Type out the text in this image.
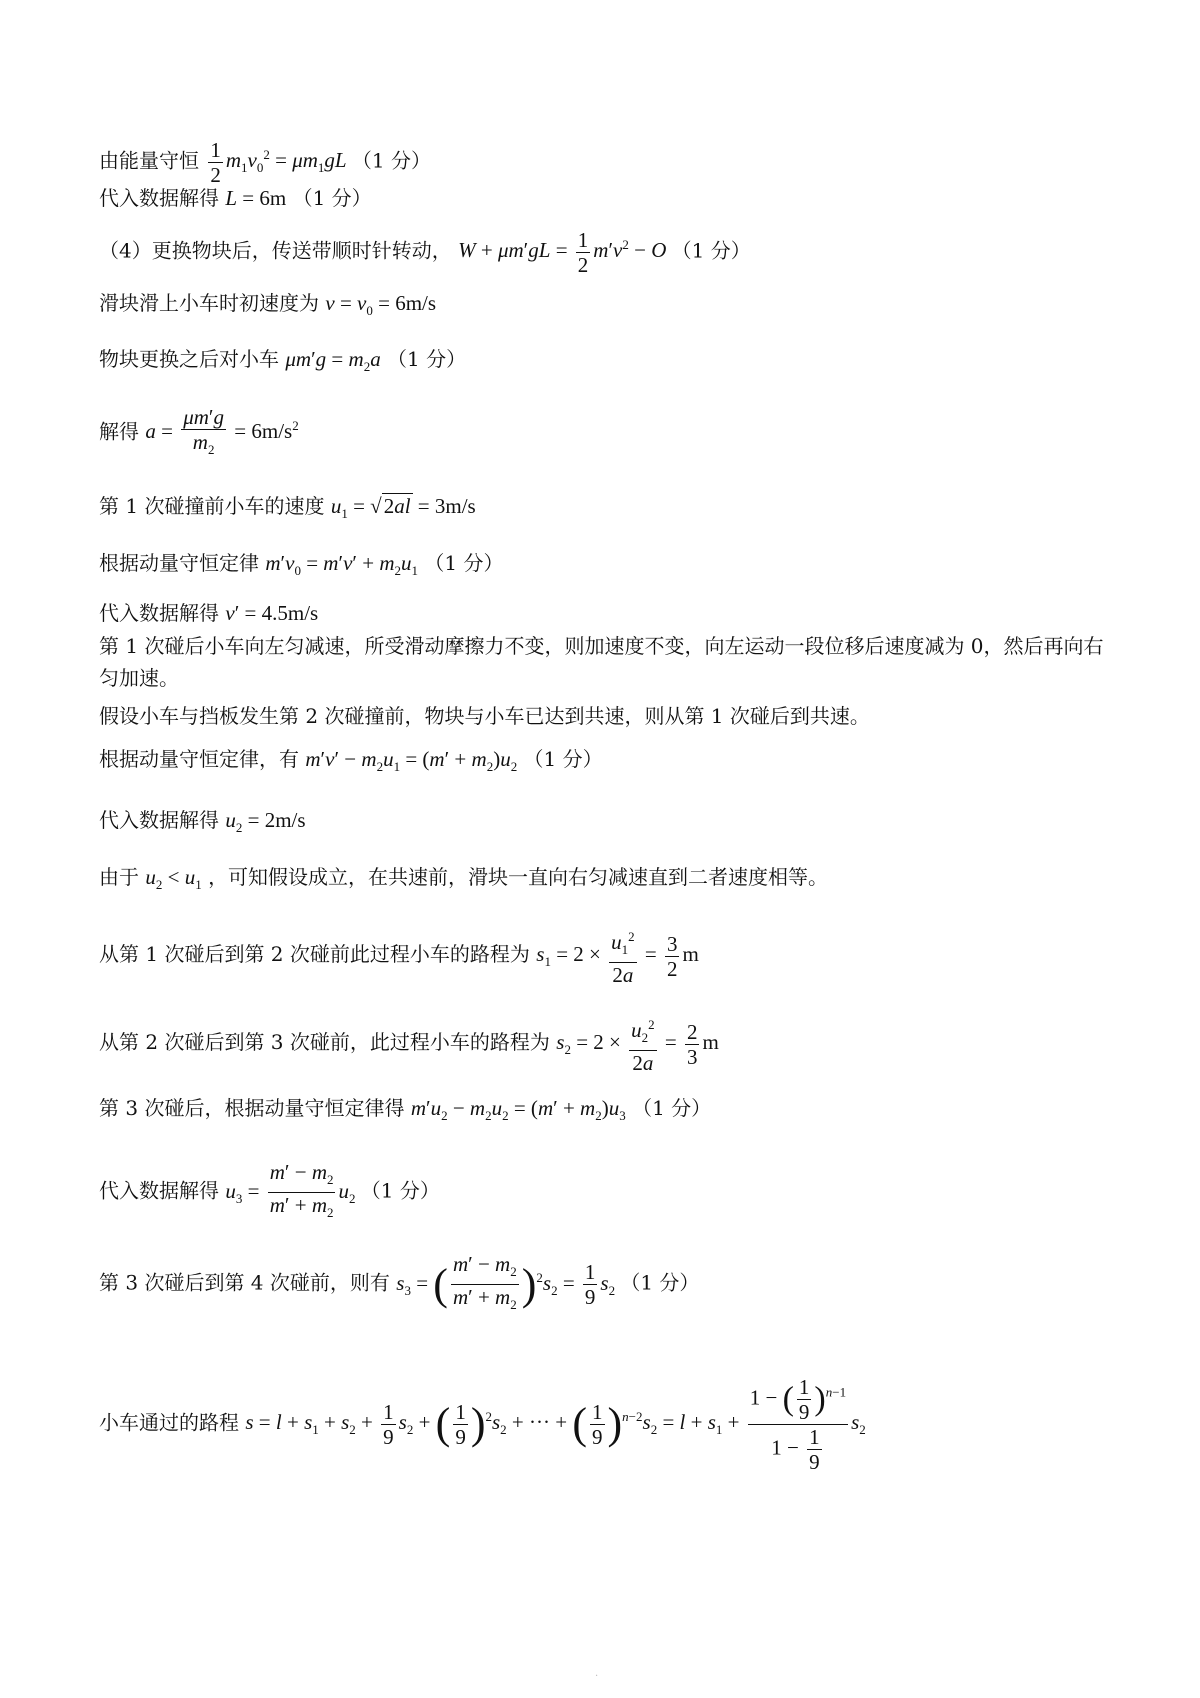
由能量守恒 $\frac{1}{2} m_1v_0^2 = \mu m_1gL$ （1 分）
代入数据解得 L = 6m （1 分）
（4）更换物块后，传送带顺时针转动， $W + \mu m'gL = \frac{1}{2} m'v^2 - O$ （1 分）
滑块滑上小车时初速度为 $v = v_0 = 6m/s$
物块更换之后对小车 $\mu m'g = m_2a$ （1 分）
解得 $a = \frac{\mu m'g}{m_2} = 6m/s^2$
第 1 次碰撞前小车的速度 $u_1 = √2al = 3m/s$
根据动量守恒定律 $m'v_0 = m'v' + m_2u_1$ （1 分）
代入数据解得 v′ = 4.5m/s
第 1 次碰后小车向左匀减速，所受滑动摩擦力不变，则加速度不变，向左运动一段位移后速度减为 0，然后再向右匀加速。
假设小车与挡板发生第 2 次碰撞前，物块与小车已达到共速，则从第 1 次碰后到共速。
根据动量守恒定律，有 $m'v' - m_2u_1 = (m' + m_2)u_2$ （1 分）
代入数据解得 $u_2 = 2m/s$
由于 $u_2 < u_1$ ，可知假设成立，在共速前，滑块一直向右匀减速直到二者速度相等。
从第 1 次碰后到第 2 次碰前此过程小车的路程为 $s_1 = 2 \times \frac{u_1^2}{2a} = \frac{3}{2}$ m
从第 2 次碰后到第 3 次碰前，此过程小车的路程为 $s_2 = 2 \times \frac{u_2^2}{2a} = \frac{2}{3}$ m
第 3 次碰后，根据动量守恒定律得 $m'u_2 - m_2u_2 = (m' + m_2)u_3$ （1 分）
代入数据解得 $u_3 = \frac{m' - m_2}{m' + m_2} u_2$ （1 分）
第 3 次碰后到第 4 次碰前，则有 $s_3$ = ( $\frac{m' - m_2}{m' + m_2} )^2s_2 = \frac{1}{9} s_2$ （1 分）
小车通过的路程 $s = l + s_1 + s_2 + \frac{1}{9} s_2$ + ( $\frac{1}{9} )^2s_2$ + ··· + ( $\frac{1}{9} )^{n-2}s_2 = l + s_1 + \frac{1 - ( \frac{1}{9} )^{n-1}}{1 - \frac{1}{9}} s_2$
.
